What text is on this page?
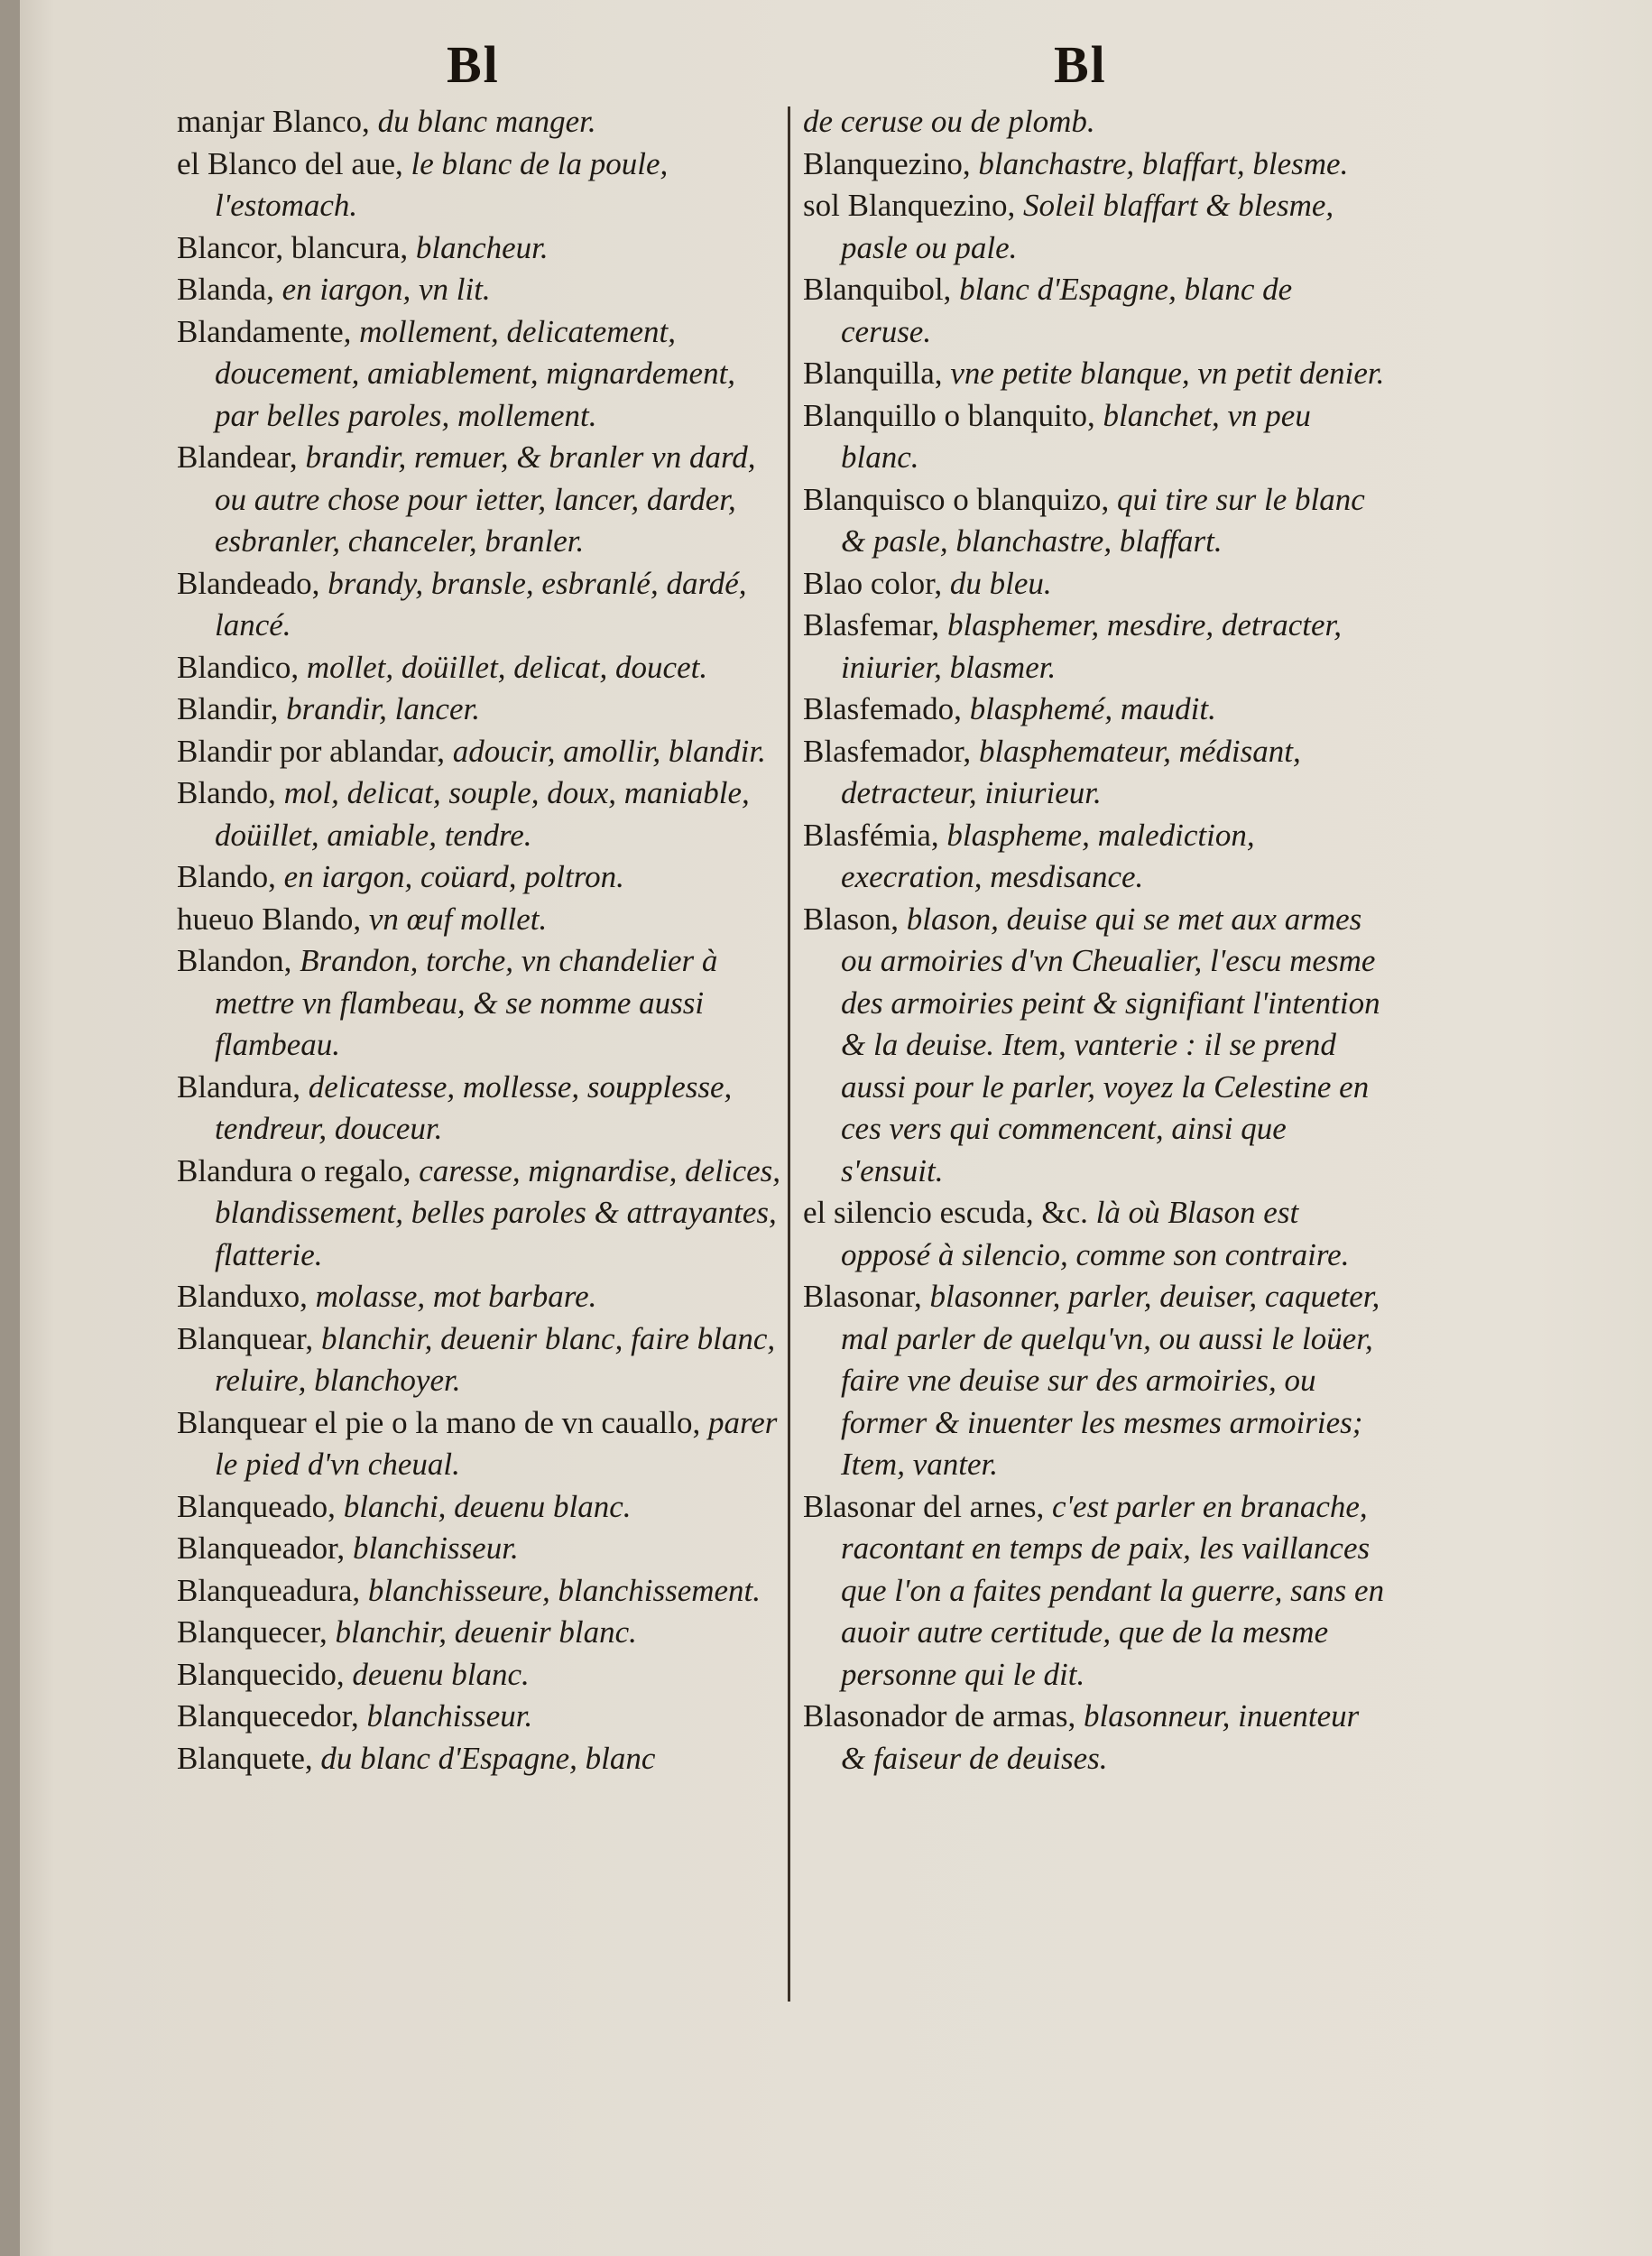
Bl	Bl
manjar Blanco, du blanc manger.
el Blanco del aue, le blanc de la poule, l'estomach.
Blancor, blancura, blancheur.
Blanda, en iargon, vn lit.
Blandamente, mollement, delicatement, doucement, amiablement, mignardement, par belles paroles, mollement.
Blandear, brandir, remuer, & branler vn dard, ou autre chose pour ietter, lancer, darder, esbranler, chanceler, branler.
Blandeado, brandy, bransle, esbranlé, dardé, lancé.
Blandico, mollet, doüillet, delicat, doucet.
Blandir, brandir, lancer.
Blandir por ablandar, adoucir, amollir, blandir.
Blando, mol, delicat, souple, doux, maniable, doüillet, amiable, tendre.
Blando, en iargon, coüard, poltron.
hueuo Blando, vn œuf mollet.
Blandon, Brandon, torche, vn chandelier à mettre vn flambeau, & se nomme aussi flambeau.
Blandura, delicatesse, mollesse, soupplesse, tendreur, douceur.
Blandura o regalo, caresse, mignardise, delices, blandissement, belles paroles & attrayantes, flatterie.
Blanduxo, molasse, mot barbare.
Blanquear, blanchir, deuenir blanc, faire blanc, reluire, blanchoyer.
Blanquear el pie o la mano de vn cauallo, parer le pied d'vn cheual.
Blanqueado, blanchi, deuenu blanc.
Blanqueador, blanchisseur.
Blanqueadura, blanchisseure, blanchissement.
Blanquecer, blanchir, deuenir blanc.
Blanquecido, deuenu blanc.
Blanquecedor, blanchisseur.
Blanquete, du blanc d'Espagne, blanc
de ceruse ou de plomb.
Blanquezino, blanchastre, blaffart, blesme.
sol Blanquezino, Soleil blaffart & blesme, pasle ou pale.
Blanquibol, blanc d'Espagne, blanc de ceruse.
Blanquilla, vne petite blanque, vn petit denier.
Blanquillo o blanquito, blanchet, vn peu blanc.
Blanquisco o blanquizo, qui tire sur le blanc & pasle, blanchastre, blaffart.
Blao color, du bleu.
Blasfemar, blasphemer, mesdire, detracter, iniurier, blasmer.
Blasfemado, blasphemé, maudit.
Blasfemador, blasphemateur, médisant, detracteur, iniurieur.
Blasfémia, blaspheme, malediction, execration, mesdisance.
Blason, blason, deuise qui se met aux armes ou armoiries d'vn Cheualier, l'escu mesme des armoiries peint & signifiant l'intention & la deuise. Item, vanterie : il se prend aussi pour le parler, voyez la Celestine en ces vers qui commencent, ainsi que s'ensuit.
el silencio escuda, &c. là où Blason est opposé à silencio, comme son contraire.
Blasonar, blasonner, parler, deuiser, caqueter, mal parler de quelqu'vn, ou aussi le loüer, faire vne deuise sur des armoiries, ou former & inuenter les mesmes armoiries; Item, vanter.
Blasonar del arnes, c'est parler en branache, racontant en temps de paix, les vaillances que l'on a faites pendant la guerre, sans en auoir autre certitude, que de la mesme personne qui le dit.
Blasonador de armas, blasonneur, inuenteur & faiseur de deuises.
